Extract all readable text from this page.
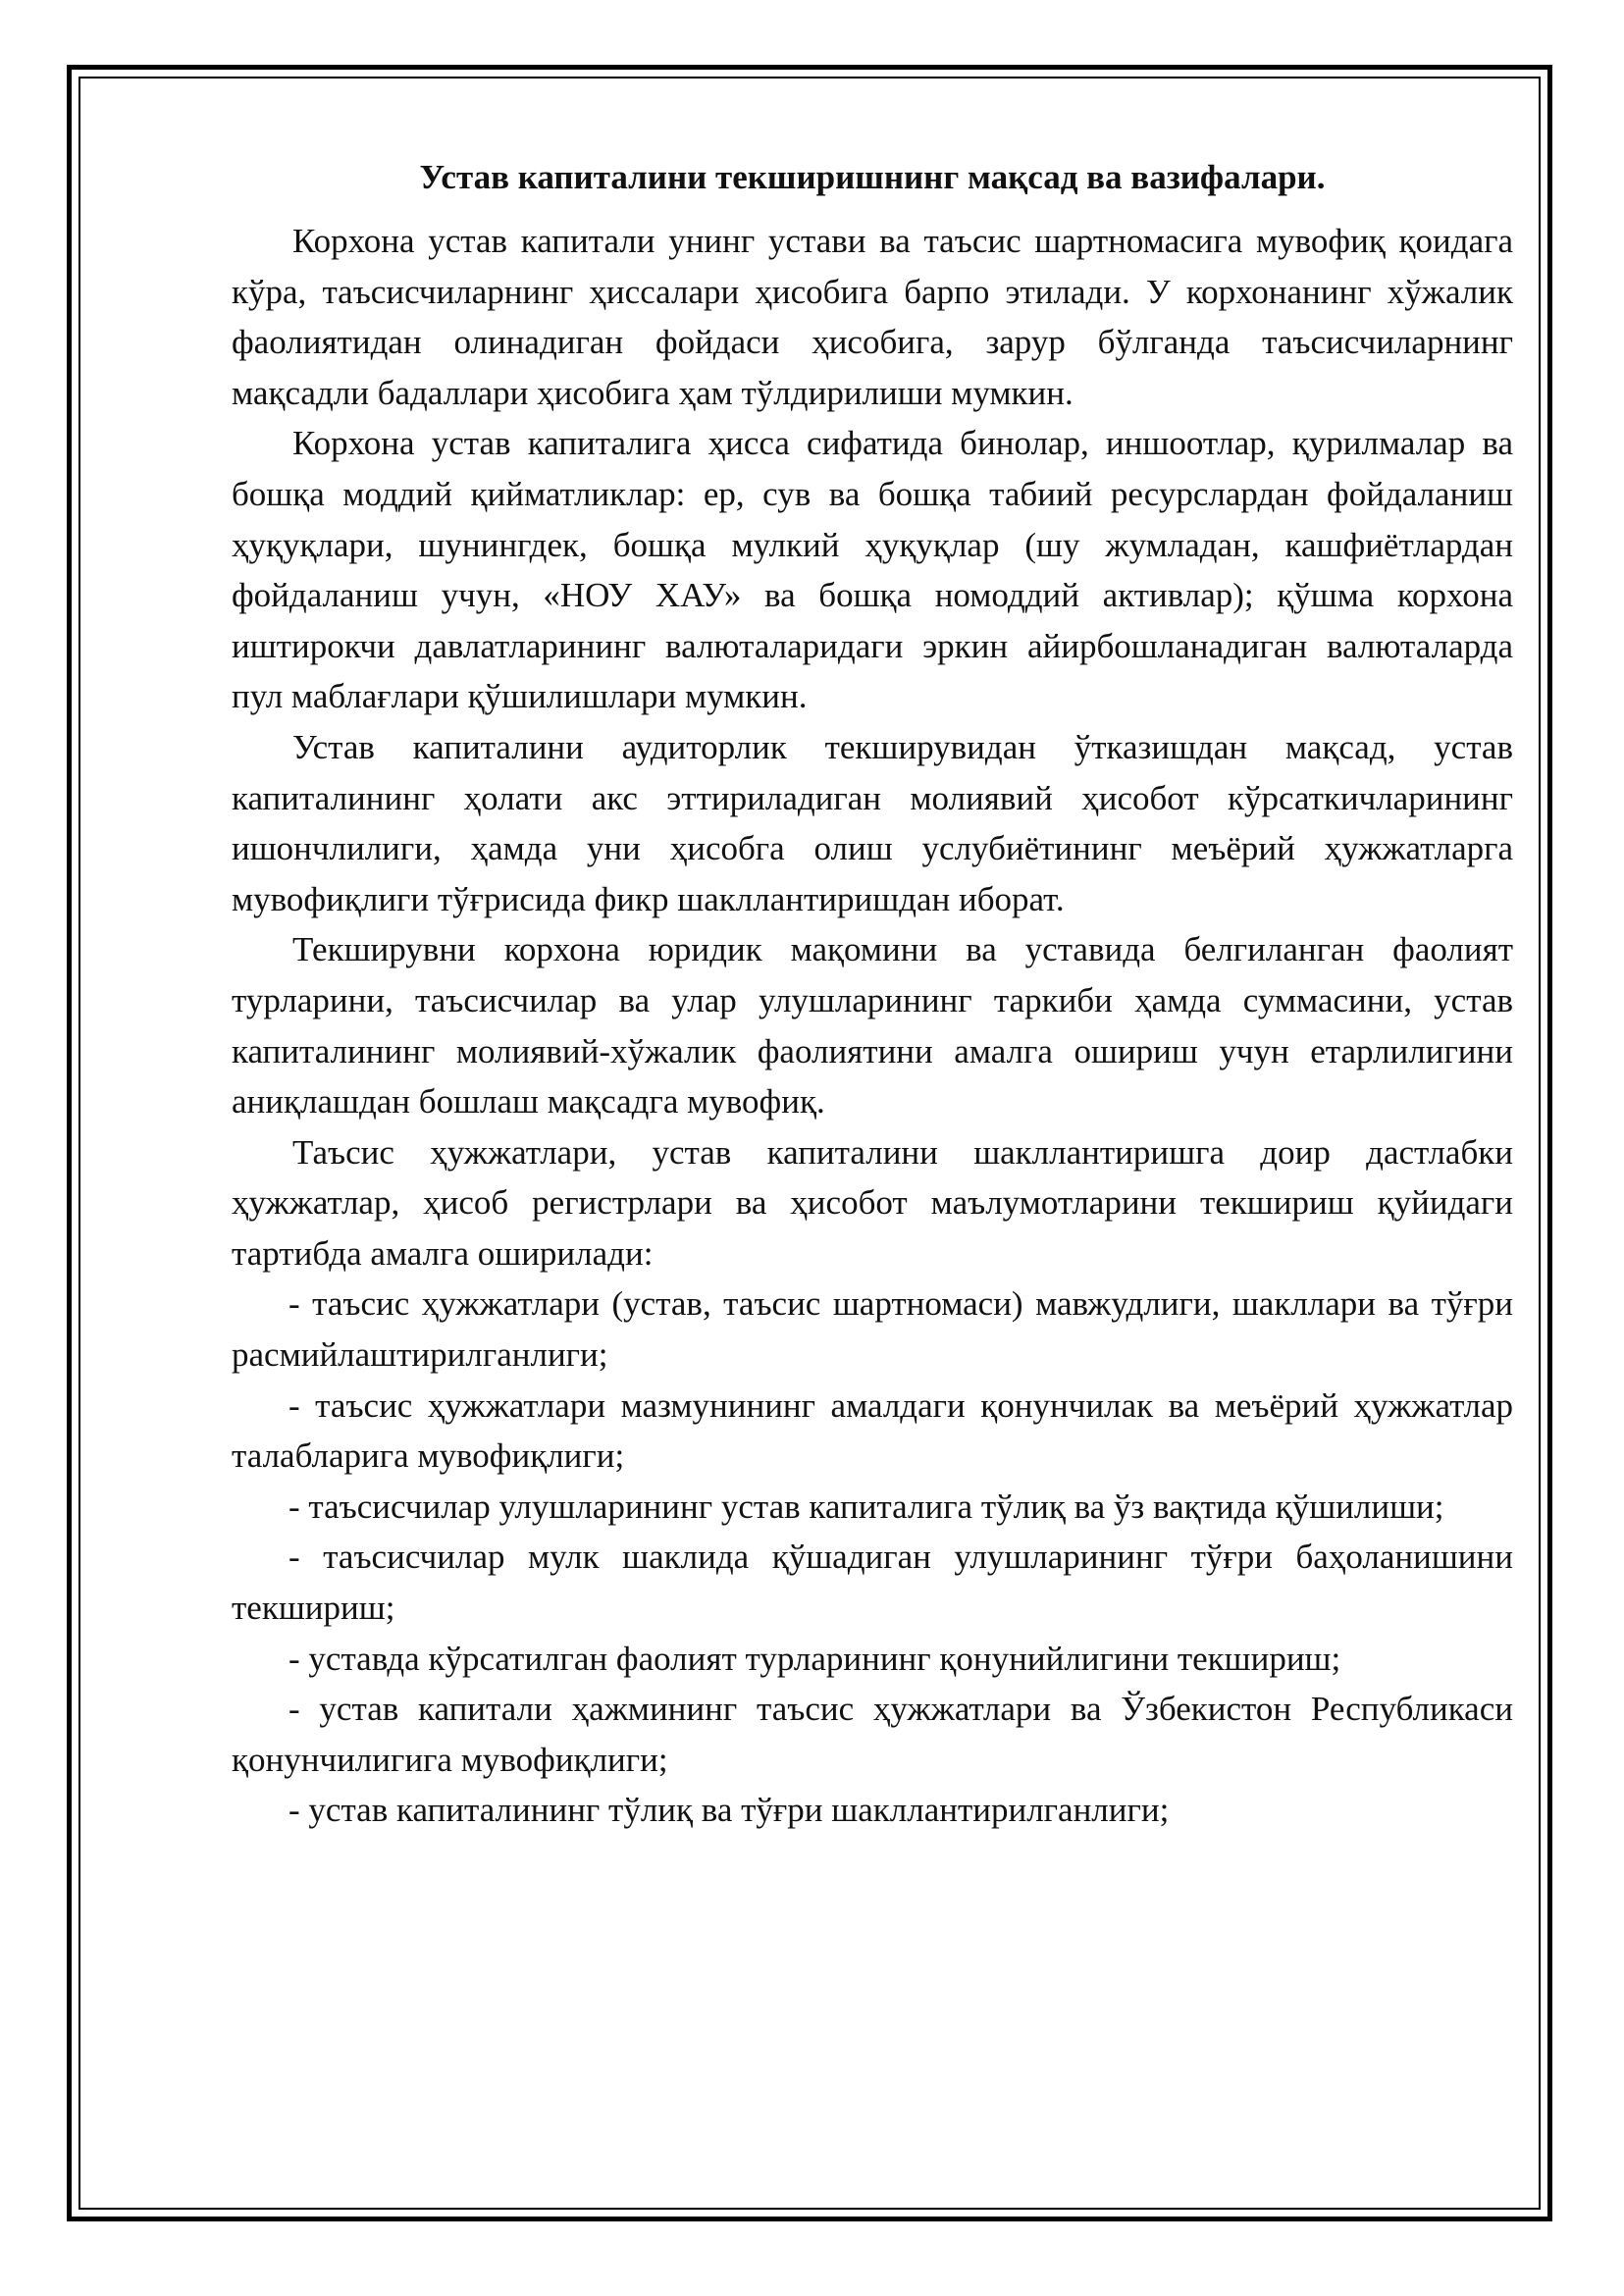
Устав капиталини текширишнинг мақсад ва вазифалари.

Корхона устав капитали унинг устави ва таъсис шартномасига мувофиқ қоидага кўра, таъсисчиларнинг ҳиссалари ҳисобига барпо этилади. У корхонанинг хўжалик фаолиятидан олинадиган фойдаси ҳисобига, зарур бўлганда таъсисчиларнинг мақсадли бадаллари ҳисобига ҳам тўлдирилиши мумкин.

Корхона устав капиталига ҳисса сифатида бинолар, иншоотлар, қурилмалар ва бошқа моддий қийматликлар: ер, сув ва бошқа табиий ресурслардан фойдаланиш ҳуқуқлари, шунингдек, бошқа мулкий ҳуқуқлар (шу жумладан, кашфиётлардан фойдаланиш учун, «НОУ ХАУ» ва бошқа номоддий активлар); қўшма корхона иштирокчи давлатларининг валюталаридаги эркин айирбошланадиган валюталарда пул маблағлари қўшилишлари мумкин.

Устав капиталини аудиторлик текширувидан ўтказишдан мақсад, устав капиталининг ҳолати акс эттириладиган молиявий ҳисобот кўрсаткичларининг ишончлилиги, ҳамда уни ҳисобга олиш услубиётининг меъёрий ҳужжатларга мувофиқлиги тўғрисида фикр шакллантиришдан иборат.

Текширувни корхона юридик мақомини ва уставида белгиланган фаолият турларини, таъсисчилар ва улар улушларининг таркиби ҳамда суммасини, устав капиталининг молиявий-хўжалик фаолиятини амалга ошириш учун етарлилигини аниқлашдан бошлаш мақсадга мувофиқ.

Таъсис ҳужжатлари, устав капиталини шакллантиришга доир дастлабки ҳужжатлар, ҳисоб регистрлари ва ҳисобот маълумотларини текшириш қуйидаги тартибда амалга оширилади:

- таъсис ҳужжатлари (устав, таъсис шартномаси) мавжудлиги, шакллари ва тўғри расмийлаштирилганлиги;

- таъсис ҳужжатлари мазмунининг амалдаги қонунчилак ва меъёрий ҳужжатлар талабларига мувофиқлиги;

- таъсисчилар улушларининг устав капиталига тўлиқ ва ўз вақтида қўшилиши;

- таъсисчилар мулк шаклида қўшадиган улушларининг тўғри баҳоланишини текшириш;

- уставда кўрсатилган фаолият турларининг қонунийлигини текшириш;

- устав капитали ҳажмининг таъсис ҳужжатлари ва Ўзбекистон Республикаси қонунчилигига мувофиқлиги;

- устав капиталининг тўлиқ ва тўғри шакллантирилганлиги;
